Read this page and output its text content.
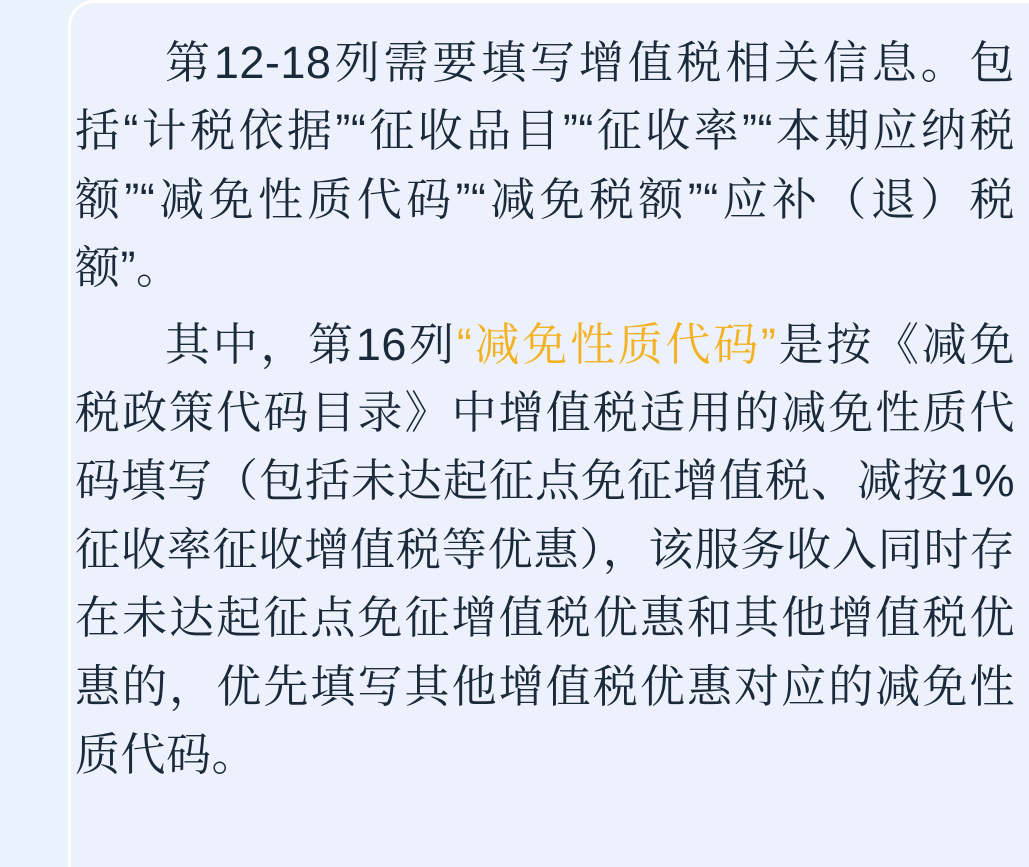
第12-18列需要填写增值税相关信息。包括“计税依据”“征收品目”“征收率”“本期应纳税额”“减免性质代码”“减免税额”“应补（退）税额”。

其中，第16列“减免性质代码”是按《减免税政策代码目录》中增值税适用的减免性质代码填写（包括未达起征点免征增值税、减按1%征收率征收增值税等优惠），该服务收入同时存在未达起征点免征增值税优惠和其他增值税优惠的，优先填写其他增值税优惠对应的减免性质代码。
